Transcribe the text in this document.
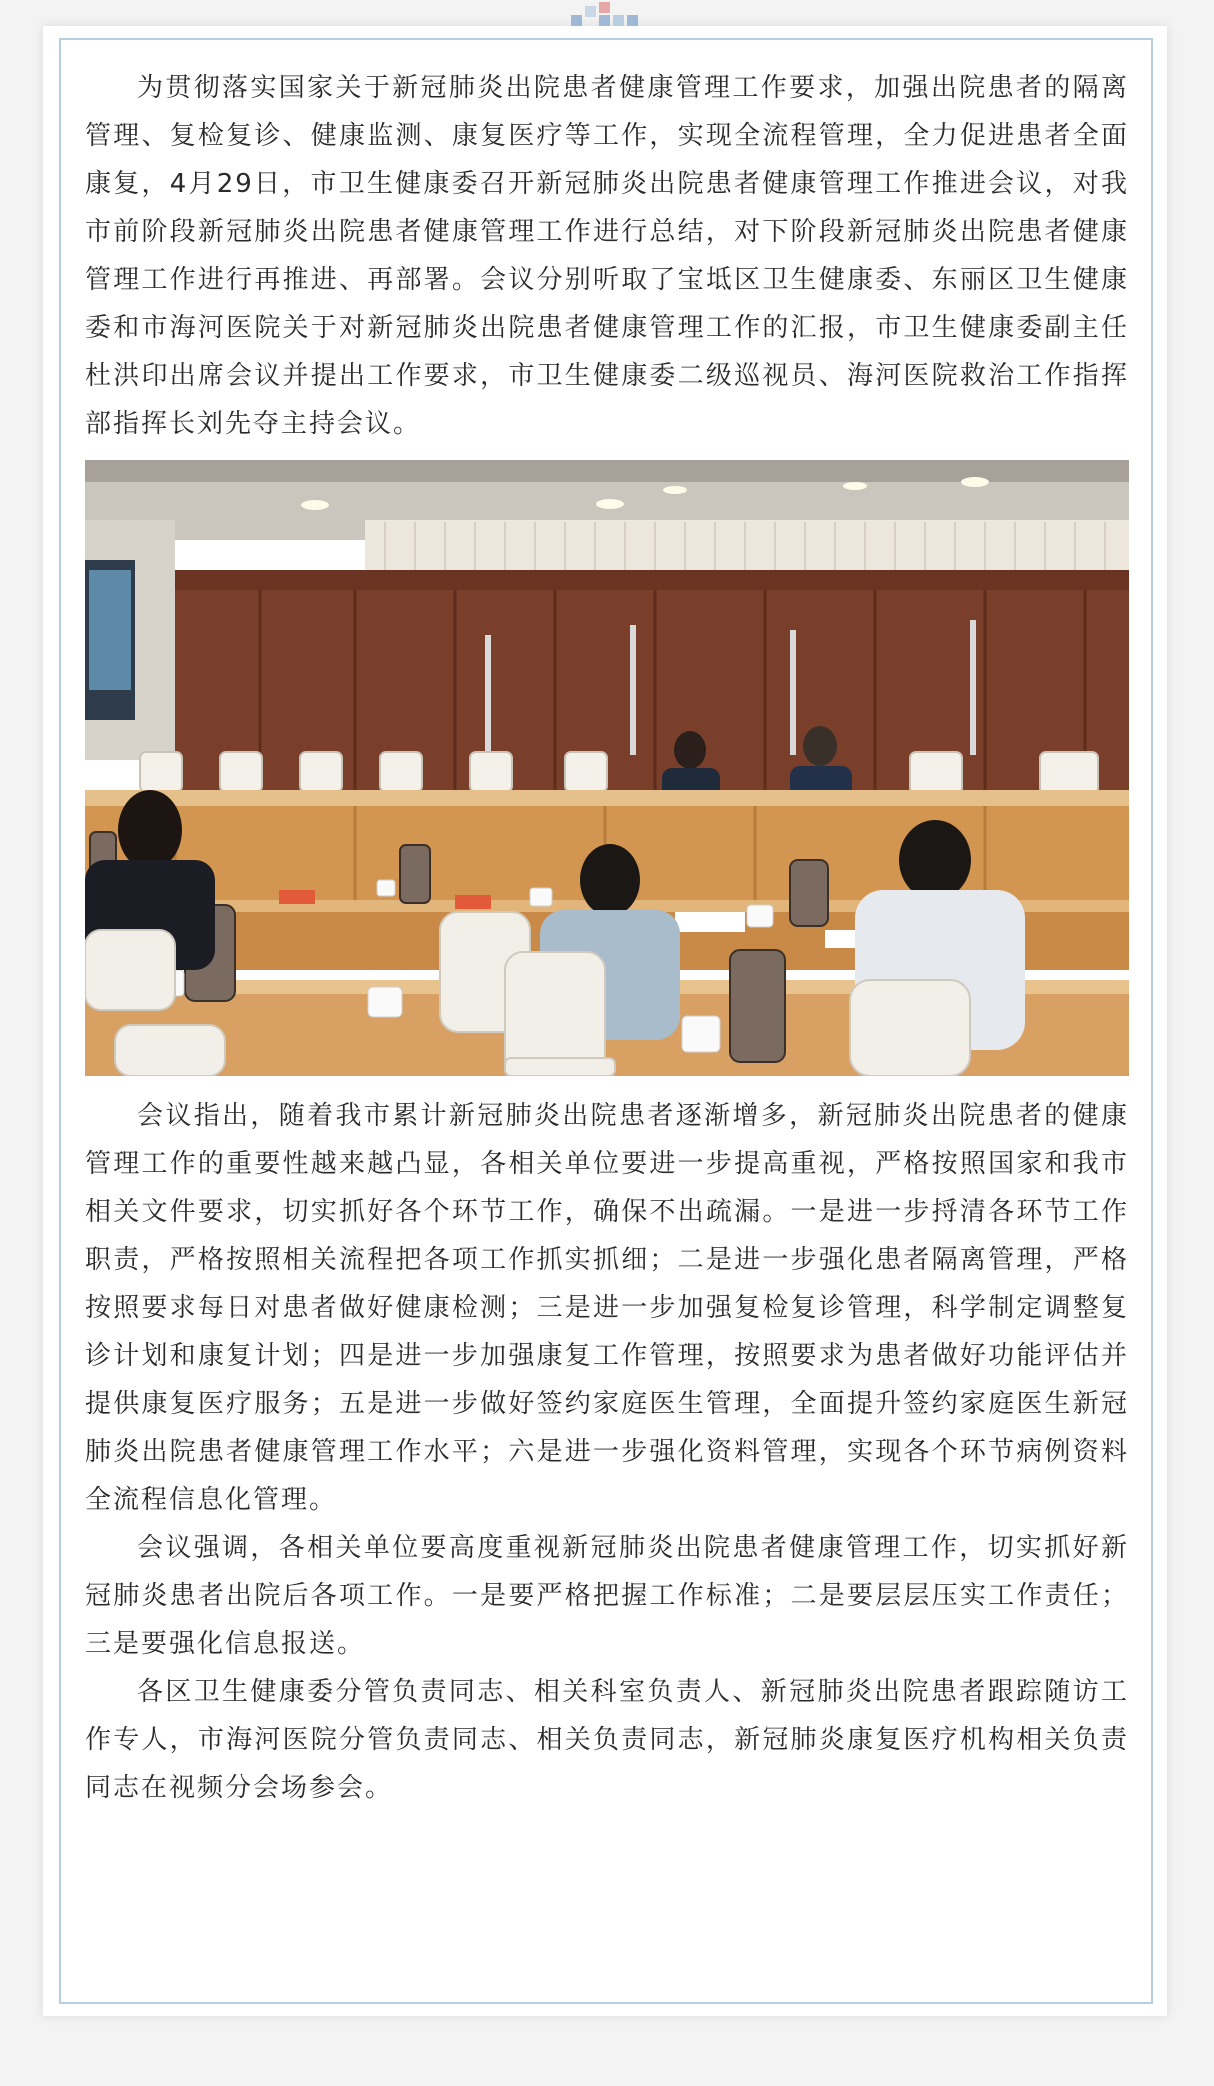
为贯彻落实国家关于新冠肺炎出院患者健康管理工作要求，加强出院患者的隔离管理、复检复诊、健康监测、康复医疗等工作，实现全流程管理，全力促进患者全面康复，4月29日，市卫生健康委召开新冠肺炎出院患者健康管理工作推进会议，对我市前阶段新冠肺炎出院患者健康管理工作进行总结，对下阶段新冠肺炎出院患者健康管理工作进行再推进、再部署。会议分别听取了宝坻区卫生健康委、东丽区卫生健康委和市海河医院关于对新冠肺炎出院患者健康管理工作的汇报，市卫生健康委副主任杜洪印出席会议并提出工作要求，市卫生健康委二级巡视员、海河医院救治工作指挥部指挥长刘先夺主持会议。

会议指出，随着我市累计新冠肺炎出院患者逐渐增多，新冠肺炎出院患者的健康管理工作的重要性越来越凸显，各相关单位要进一步提高重视，严格按照国家和我市相关文件要求，切实抓好各个环节工作，确保不出疏漏。一是进一步捋清各环节工作职责，严格按照相关流程把各项工作抓实抓细；二是进一步强化患者隔离管理，严格按照要求每日对患者做好健康检测；三是进一步加强复检复诊管理，科学制定调整复诊计划和康复计划；四是进一步加强康复工作管理，按照要求为患者做好功能评估并提供康复医疗服务；五是进一步做好签约家庭医生管理，全面提升签约家庭医生新冠肺炎出院患者健康管理工作水平；六是进一步强化资料管理，实现各个环节病例资料全流程信息化管理。

会议强调，各相关单位要高度重视新冠肺炎出院患者健康管理工作，切实抓好新冠肺炎患者出院后各项工作。一是要严格把握工作标准；二是要层层压实工作责任；三是要强化信息报送。

各区卫生健康委分管负责同志、相关科室负责人、新冠肺炎出院患者跟踪随访工作专人，市海河医院分管负责同志、相关负责同志，新冠肺炎康复医疗机构相关负责同志在视频分会场参会。
